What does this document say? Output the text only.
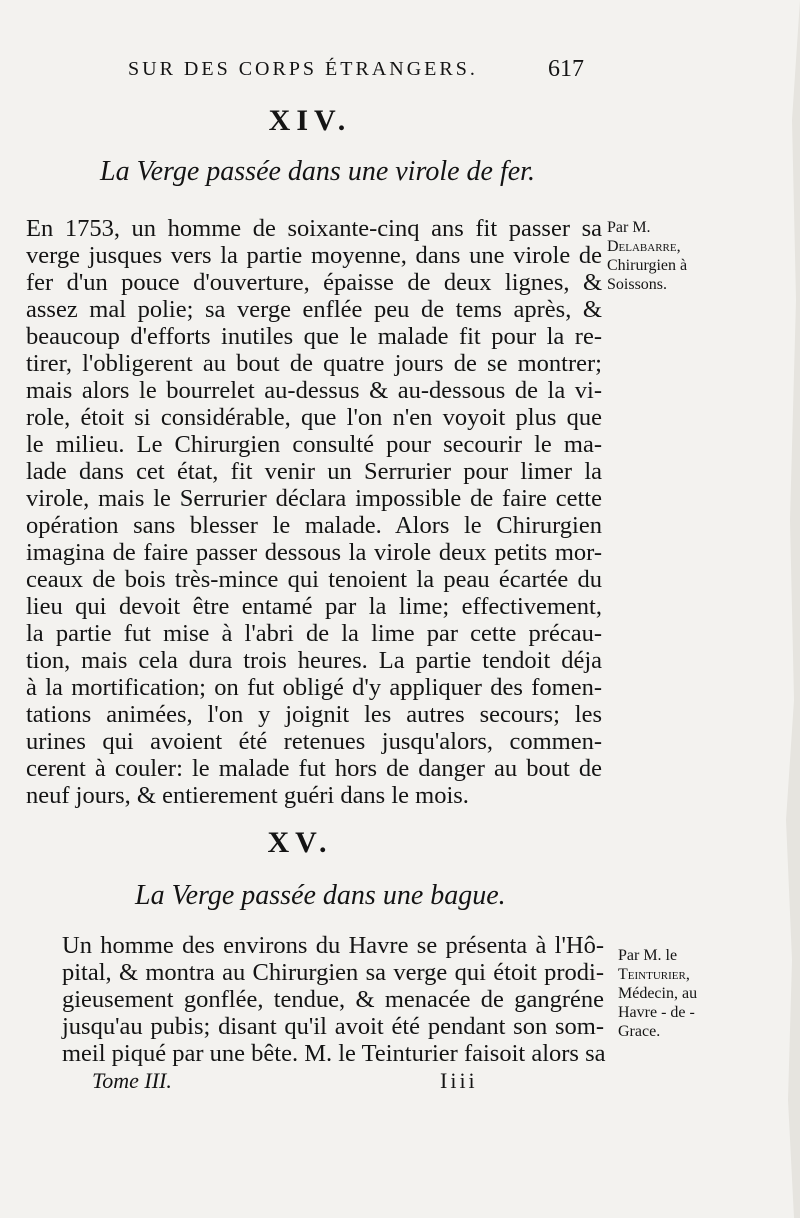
SUR DES CORPS ÉTRANGERS.	617
XIV.
La Verge passée dans une virole de fer.
En 1753, un homme de soixante-cinq ans fit passer sa
verge jusques vers la partie moyenne, dans une virole de
fer d'un pouce d'ouverture, épaisse de deux lignes, &
assez mal polie; sa verge enflée peu de tems après, &
beaucoup d'efforts inutiles que le malade fit pour la re-
tirer, l'obligerent au bout de quatre jours de se montrer;
mais alors le bourrelet au-dessus & au-dessous de la vi-
role, étoit si considérable, que l'on n'en voyoit plus que
le milieu. Le Chirurgien consulté pour secourir le ma-
lade dans cet état, fit venir un Serrurier pour limer la
virole, mais le Serrurier déclara impossible de faire cette
opération sans blesser le malade. Alors le Chirurgien
imagina de faire passer dessous la virole deux petits mor-
ceaux de bois très-mince qui tenoient la peau écartée du
lieu qui devoit être entamé par la lime; effectivement,
la partie fut mise à l'abri de la lime par cette précau-
tion, mais cela dura trois heures. La partie tendoit déja
à la mortification; on fut obligé d'y appliquer des fomen-
tations animées, l'on y joignit les autres secours; les
urines qui avoient été retenues jusqu'alors, commen-
cerent à couler: le malade fut hors de danger au bout de
neuf jours, & entierement guéri dans le mois.
Par M.
Delabarre,
Chirurgien à
Soissons.
XV.
La Verge passée dans une bague.
Un homme des environs du Havre se présenta à l'Hô-
pital, & montra au Chirurgien sa verge qui étoit prodi-
gieusement gonflée, tendue, & menacée de gangréne
jusqu'au pubis; disant qu'il avoit été pendant son som-
meil piqué par une bête. M. le Teinturier faisoit alors sa
Par M. le
Teinturier,
Médecin, au
Havre - de -
Grace.
Tome III.	Iiii
